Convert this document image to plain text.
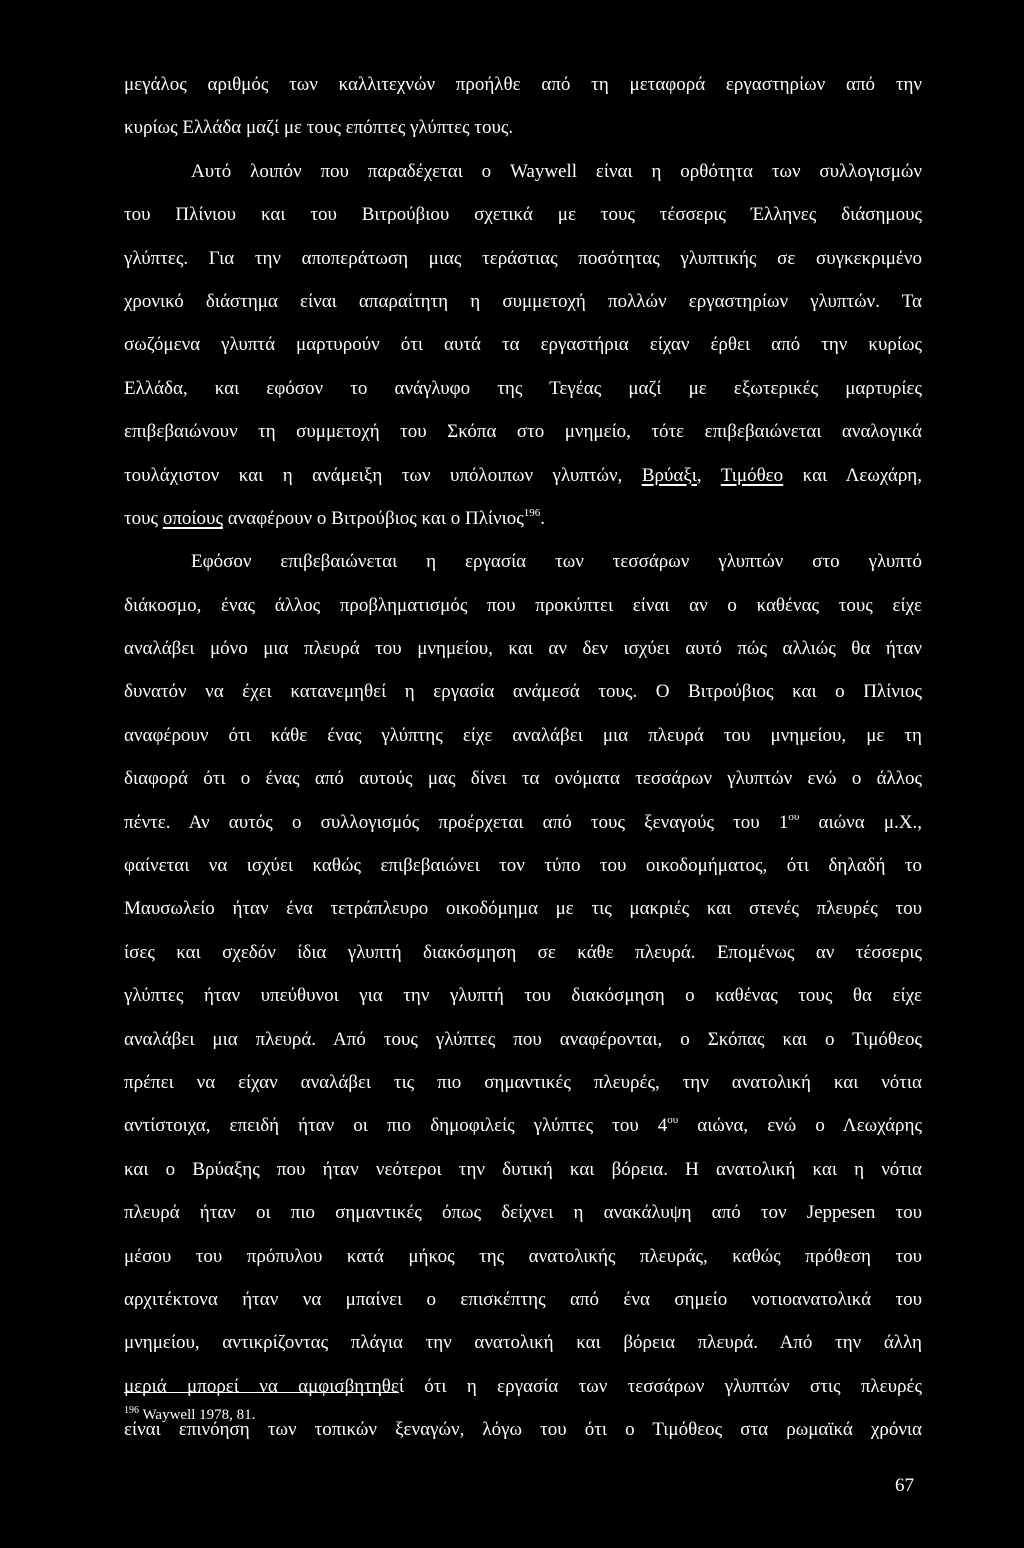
μεγάλος αριθμός των καλλιτεχνών προήλθε από τη μεταφορά εργαστηρίων από την
κυρίως Ελλάδα μαζί με τους επόπτες γλύπτες τους.
Αυτό λοιπόν που παραδέχεται ο Waywell είναι η ορθότητα των συλλογισμών
του Πλίνιου και του Βιτρούβιου σχετικά με τους τέσσερις Έλληνες διάσημους
γλύπτες. Για την αποπεράτωση μιας τεράστιας ποσότητας γλυπτικής σε συγκεκριμένο
χρονικό διάστημα είναι απαραίτητη η συμμετοχή πολλών εργαστηρίων γλυπτών. Τα
σωζόμενα γλυπτά μαρτυρούν ότι αυτά τα εργαστήρια είχαν έρθει από την κυρίως
Ελλάδα, και εφόσον το ανάγλυφο της Τεγέας μαζί με εξωτερικές μαρτυρίες
επιβεβαιώνουν τη συμμετοχή του Σκόπα στο μνημείο, τότε επιβεβαιώνεται αναλογικά
τουλάχιστον και η ανάμειξη των υπόλοιπων γλυπτών, Βρύαξι, Τιμόθεο και Λεωχάρη,
τους οποίους αναφέρουν ο Βιτρούβιος και ο Πλίνιος$^{196}$.
Εφόσον επιβεβαιώνεται η εργασία των τεσσάρων γλυπτών στο γλυπτό
διάκοσμο, ένας άλλος προβληματισμός που προκύπτει είναι αν ο καθένας τους είχε
αναλάβει μόνο μια πλευρά του μνημείου, και αν δεν ισχύει αυτό πώς αλλιώς θα ήταν
δυνατόν να έχει κατανεμηθεί η εργασία ανάμεσά τους. Ο Βιτρούβιος και ο Πλίνιος
αναφέρουν ότι κάθε ένας γλύπτης είχε αναλάβει μια πλευρά του μνημείου, με τη
διαφορά ότι ο ένας από αυτούς μας δίνει τα ονόματα τεσσάρων γλυπτών ενώ ο άλλος
πέντε. Αν αυτός ο συλλογισμός προέρχεται από τους ξεναγούς του $1^{o\upsilon}$ αιώνα μ.Χ.,
φαίνεται να ισχύει καθώς επιβεβαιώνει τον τύπο του οικοδομήματος, ότι δηλαδή το
Μαυσωλείο ήταν ένα τετράπλευρο οικοδόμημα με τις μακριές και στενές πλευρές του
ίσες και σχεδόν ίδια γλυπτή διακόσμηση σε κάθε πλευρά. Επομένως αν τέσσερις
γλύπτες ήταν υπεύθυνοι για την γλυπτή του διακόσμηση ο καθένας τους θα είχε
αναλάβει μια πλευρά. Από τους γλύπτες που αναφέρονται, ο Σκόπας και ο Τιμόθεος
πρέπει να είχαν αναλάβει τις πιο σημαντικές πλευρές, την ανατολική και νότια
αντίστοιχα, επειδή ήταν οι πιο δημοφιλείς γλύπτες του $4^{o\upsilon}$ αιώνα, ενώ ο Λεωχάρης
και ο Βρύαξης που ήταν νεότεροι την δυτική και βόρεια. Η ανατολική και η νότια
πλευρά ήταν οι πιο σημαντικές όπως δείχνει η ανακάλυψη από τον Jeppesen του
μέσου του πρόπυλου κατά μήκος της ανατολικής πλευράς, καθώς πρόθεση του
αρχιτέκτονα ήταν να μπαίνει ο επισκέπτης από ένα σημείο νοτιοανατολικά του
μνημείου, αντικρίζοντας πλάγια την ανατολική και βόρεια πλευρά. Από την άλλη
μεριά μπορεί να αμφισβητηθεί ότι η εργασία των τεσσάρων γλυπτών στις πλευρές
είναι επινόηση των τοπικών ξεναγών, λόγω του ότι ο Τιμόθεος στα ρωμαϊκά χρόνια
$^{196}$ Waywell 1978, 81.
67
